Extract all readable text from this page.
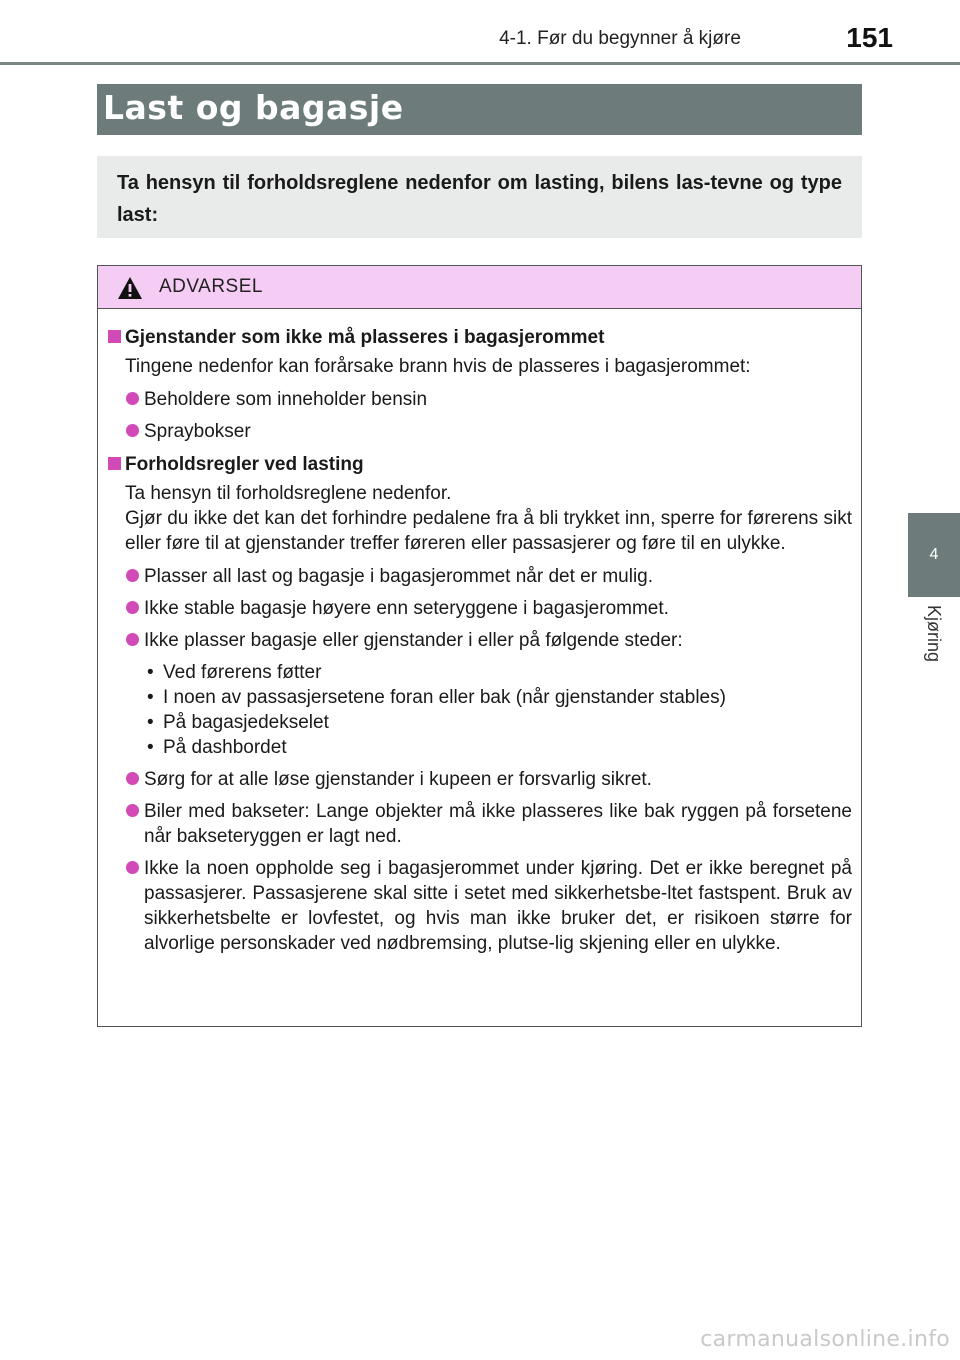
4-1. Før du begynner å kjøre	151
Last og bagasje
Ta hensyn til forholdsreglene nedenfor om lasting, bilens las-tevne og type last:
4
Kjøring
ADVARSEL
Gjenstander som ikke må plasseres i bagasjerommet
Tingene nedenfor kan forårsake brann hvis de plasseres i bagasjerommet:
Beholdere som inneholder bensin
Spraybokser
Forholdsregler ved lasting
Ta hensyn til forholdsreglene nedenfor.
Gjør du ikke det kan det forhindre pedalene fra å bli trykket inn, sperre for førerens sikt eller føre til at gjenstander treffer føreren eller passasjerer og føre til en ulykke.
Plasser all last og bagasje i bagasjerommet når det er mulig.
Ikke stable bagasje høyere enn seteryggene i bagasjerommet.
Ikke plasser bagasje eller gjenstander i eller på følgende steder:
• Ved førerens føtter
• I noen av passasjersetene foran eller bak (når gjenstander stables)
• På bagasjedekselet
• På dashbordet
Sørg for at alle løse gjenstander i kupeen er forsvarlig sikret.
Biler med bakseter: Lange objekter må ikke plasseres like bak ryggen på forsetene når bakseteryggen er lagt ned.
Ikke la noen oppholde seg i bagasjerommet under kjøring. Det er ikke beregnet på passasjerer. Passasjerene skal sitte i setet med sikkerhetsbe-ltet fastspent. Bruk av sikkerhetsbelte er lovfestet, og hvis man ikke bruker det, er risikoen større for alvorlige personskader ved nødbremsing, plutse-lig skjening eller en ulykke.
carmanualsonline.info
